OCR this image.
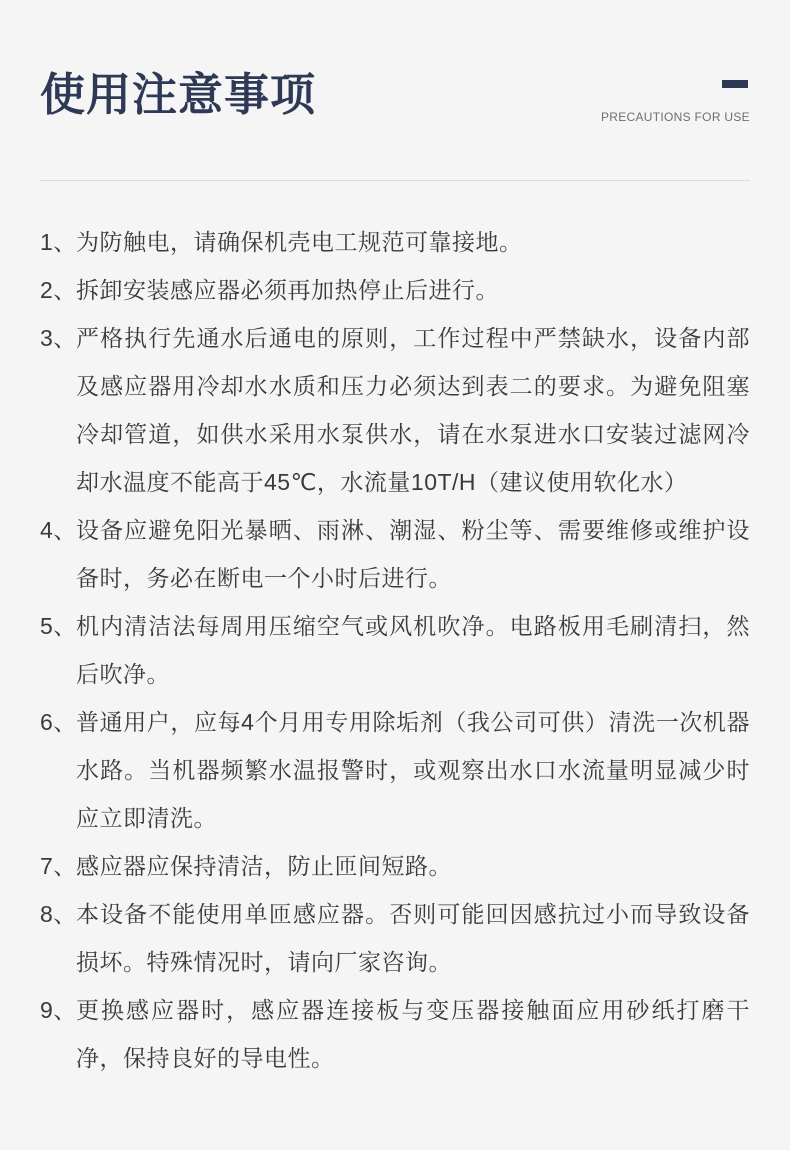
使用注意事项	PRECAUTIONS FOR USE
1、 为防触电，请确保机壳电工规范可靠接地。
2、 拆卸安装感应器必须再加热停止后进行。
3、 严格执行先通水后通电的原则，工作过程中严禁缺水，设备内部及感应器用冷却水水质和压力必须达到表二的要求。为避免阻塞冷却管道，如供水采用水泵供水，请在水泵进水口安装过滤网冷却水温度不能高于45℃，水流量10T/H（建议使用软化水）
4、 设备应避免阳光暴晒、雨淋、潮湿、粉尘等、需要维修或维护设备时，务必在断电一个小时后进行。
5、 机内清洁法每周用压缩空气或风机吹净。电路板用毛刷清扫，然后吹净。
6、 普通用户，应每4个月用专用除垢剂（我公司可供）清洗一次机器水路。当机器频繁水温报警时，或观察出水口水流量明显减少时应立即清洗。
7、 感应器应保持清洁，防止匝间短路。
8、 本设备不能使用单匝感应器。否则可能回因感抗过小而导致设备损坏。特殊情况时，请向厂家咨询。
9、 更换感应器时，感应器连接板与变压器接触面应用砂纸打磨干净，保持良好的导电性。
